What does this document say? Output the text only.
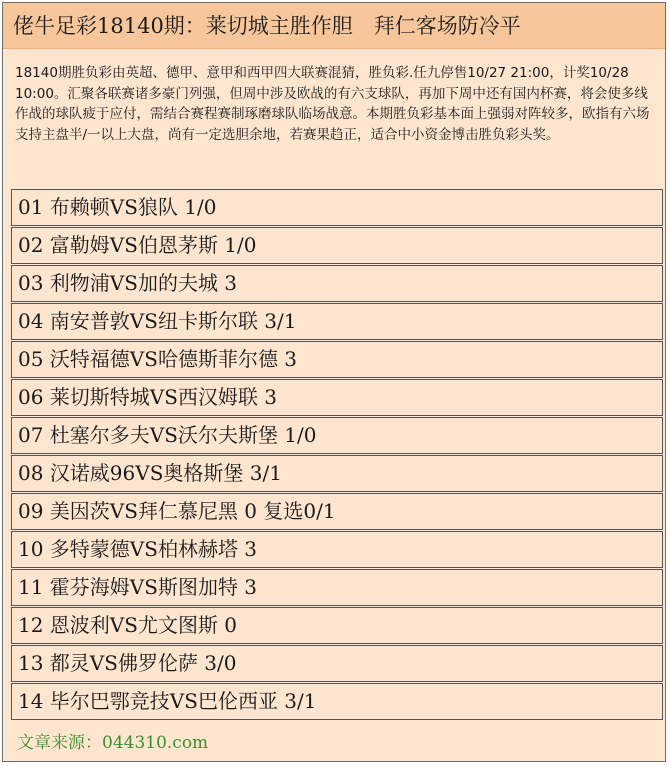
佬牛足彩18140期：莱切城主胜作胆　拜仁客场防冷平
18140期胜负彩由英超、德甲、意甲和西甲四大联赛混猜，胜负彩.任九停售10/27 21:00，计奖10/28 10:00。汇聚各联赛诸多豪门列强，但周中涉及欧战的有六支球队，再加下周中还有国内杯赛，将会使多线作战的球队疲于应付，需结合赛程赛制琢磨球队临场战意。本期胜负彩基本面上强弱对阵较多，欧指有六场支持主盘半/一以上大盘，尚有一定选胆余地，若赛果趋正，适合中小资金博击胜负彩头奖。
01 布赖顿VS狼队 1/0
02 富勒姆VS伯恩茅斯 1/0
03 利物浦VS加的夫城 3
04 南安普敦VS纽卡斯尔联 3/1
05 沃特福德VS哈德斯菲尔德 3
06 莱切斯特城VS西汉姆联 3
07 杜塞尔多夫VS沃尔夫斯堡 1/0
08 汉诺威96VS奥格斯堡 3/1
09 美因茨VS拜仁慕尼黑 0 复选0/1
10 多特蒙德VS柏林赫塔 3
11 霍芬海姆VS斯图加特 3
12 恩波利VS尤文图斯 0
13 都灵VS佛罗伦萨 3/0
14 毕尔巴鄂竞技VS巴伦西亚 3/1
文章来源：044310.com
